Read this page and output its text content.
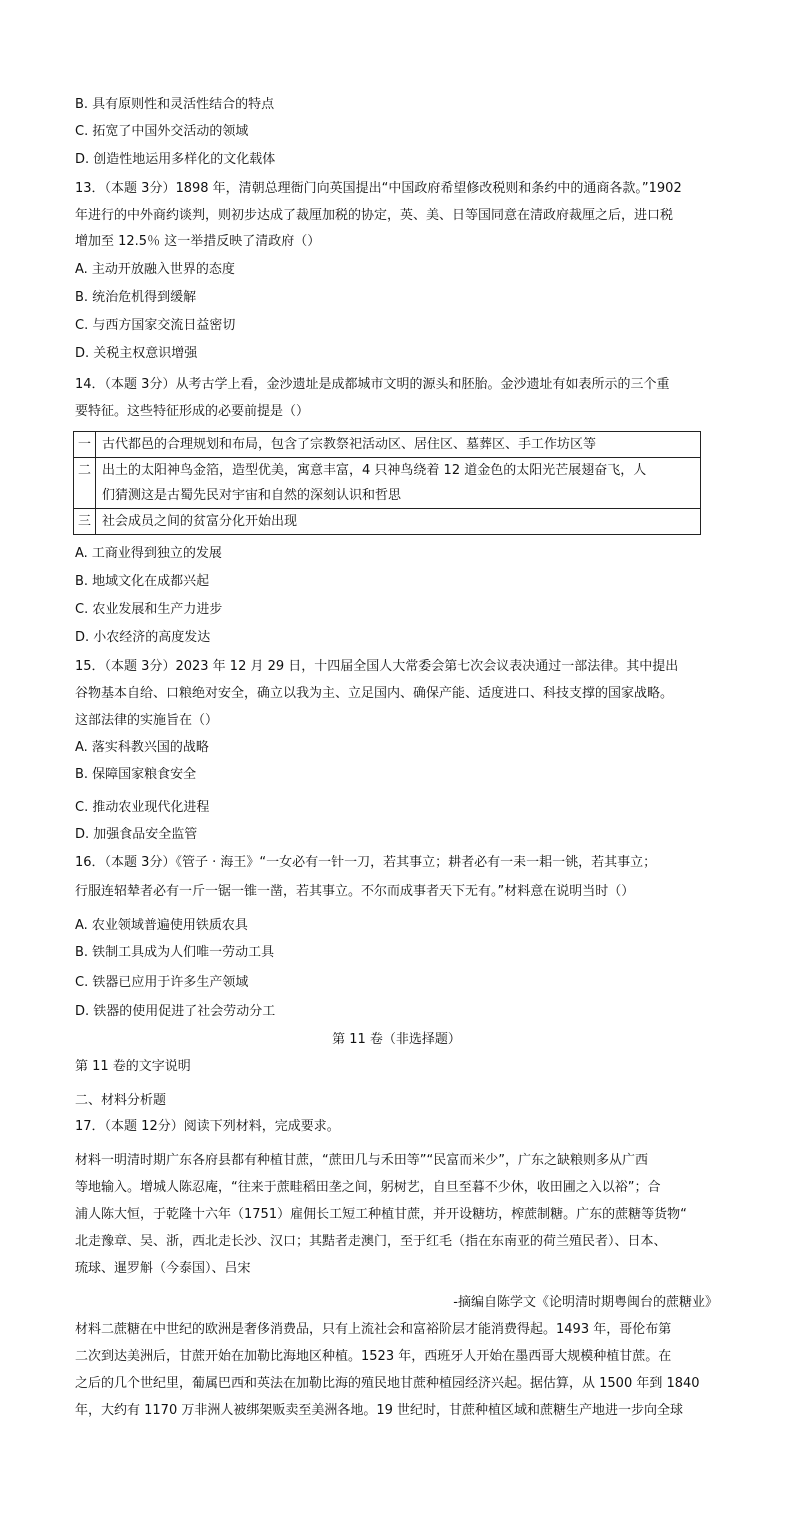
B. 具有原则性和灵活性结合的特点
C. 拓宽了中国外交活动的领域
D. 创造性地运用多样化的文化载体
13．（本题 3分）1898 年，清朝总理衙门向英国提出“中国政府希望修改税则和条约中的通商各款。”1902
年进行的中外商约谈判，则初步达成了裁厘加税的协定，英、美、日等国同意在清政府裁厘之后，进口税
增加至 12.5％ 这一举措反映了清政府（）
A. 主动开放融入世界的态度
B. 统治危机得到缓解
C. 与西方国家交流日益密切
D. 关税主权意识增强
14．（本题 3分）从考古学上看，金沙遗址是成都城市文明的源头和胚胎。金沙遗址有如表所示的三个重
要特征。这些特征形成的必要前提是（）
一	古代都邑的合理规划和布局，包含了宗教祭祀活动区、居住区、墓葬区、手工作坊区等

二	出土的太阳神鸟金箔，造型优美，寓意丰富，4 只神鸟绕着 12 道金色的太阳光芒展翅奋飞，人
们猜测这是古蜀先民对宇宙和自然的深刻认识和哲思

三	社会成员之间的贫富分化开始出现
A. 工商业得到独立的发展
B. 地域文化在成都兴起
C. 农业发展和生产力进步
D. 小农经济的高度发达
15．（本题 3分）2023 年 12 月 29 日，十四届全国人大常委会第七次会议表决通过一部法律。其中提出
谷物基本自给、口粮绝对安全，确立以我为主、立足国内、确保产能、适度进口、科技支撑的国家战略。
这部法律的实施旨在（）
A. 落实科教兴国的战略
B. 保障国家粮食安全
C. 推动农业现代化进程
D. 加强食品安全监管
16．（本题 3分）《管子 · 海王》“一女必有一针一刀，若其事立；耕者必有一耒一耜一铫，若其事立；
行服连轺辇者必有一斤一锯一锥一凿，若其事立。不尔而成事者天下无有。”材料意在说明当时（）
A. 农业领域普遍使用铁质农具
B. 铁制工具成为人们唯一劳动工具
C. 铁器已应用于许多生产领域
D. 铁器的使用促进了社会劳动分工
第 11 卷（非选择题）
第 11 卷的文字说明
二、材料分析题
17．（本题 12分）阅读下列材料，完成要求。
材料一明清时期广东各府县都有种植甘蔗，“蔗田几与禾田等”“民富而米少”，广东之缺粮则多从广西
等地输入。增城人陈忍庵，“往来于蔗畦稻田垄之间，躬树艺，自旦至暮不少休，收田圃之入以裕”；合
浦人陈大恒，于乾隆十六年（1751）雇佣长工短工种植甘蔗，并开设糖坊，榨蔗制糖。广东的蔗糖等货物“
北走豫章、吴、浙，西北走长沙、汉口；其黠者走澳门，至于红毛（指在东南亚的荷兰殖民者）、日本、
琉球、暹罗斛（今泰国）、吕宋
-摘编自陈学文《论明清时期粤闽台的蔗糖业》
材料二蔗糖在中世纪的欧洲是奢侈消费品，只有上流社会和富裕阶层才能消费得起。1493 年，哥伦布第
二次到达美洲后，甘蔗开始在加勒比海地区种植。1523 年，西班牙人开始在墨西哥大规模种植甘蔗。在
之后的几个世纪里，葡属巴西和英法在加勒比海的殖民地甘蔗种植园经济兴起。据估算，从 1500 年到 1840
年，大约有 1170 万非洲人被绑架贩卖至美洲各地。19 世纪时，甘蔗种植区域和蔗糖生产地进一步向全球
